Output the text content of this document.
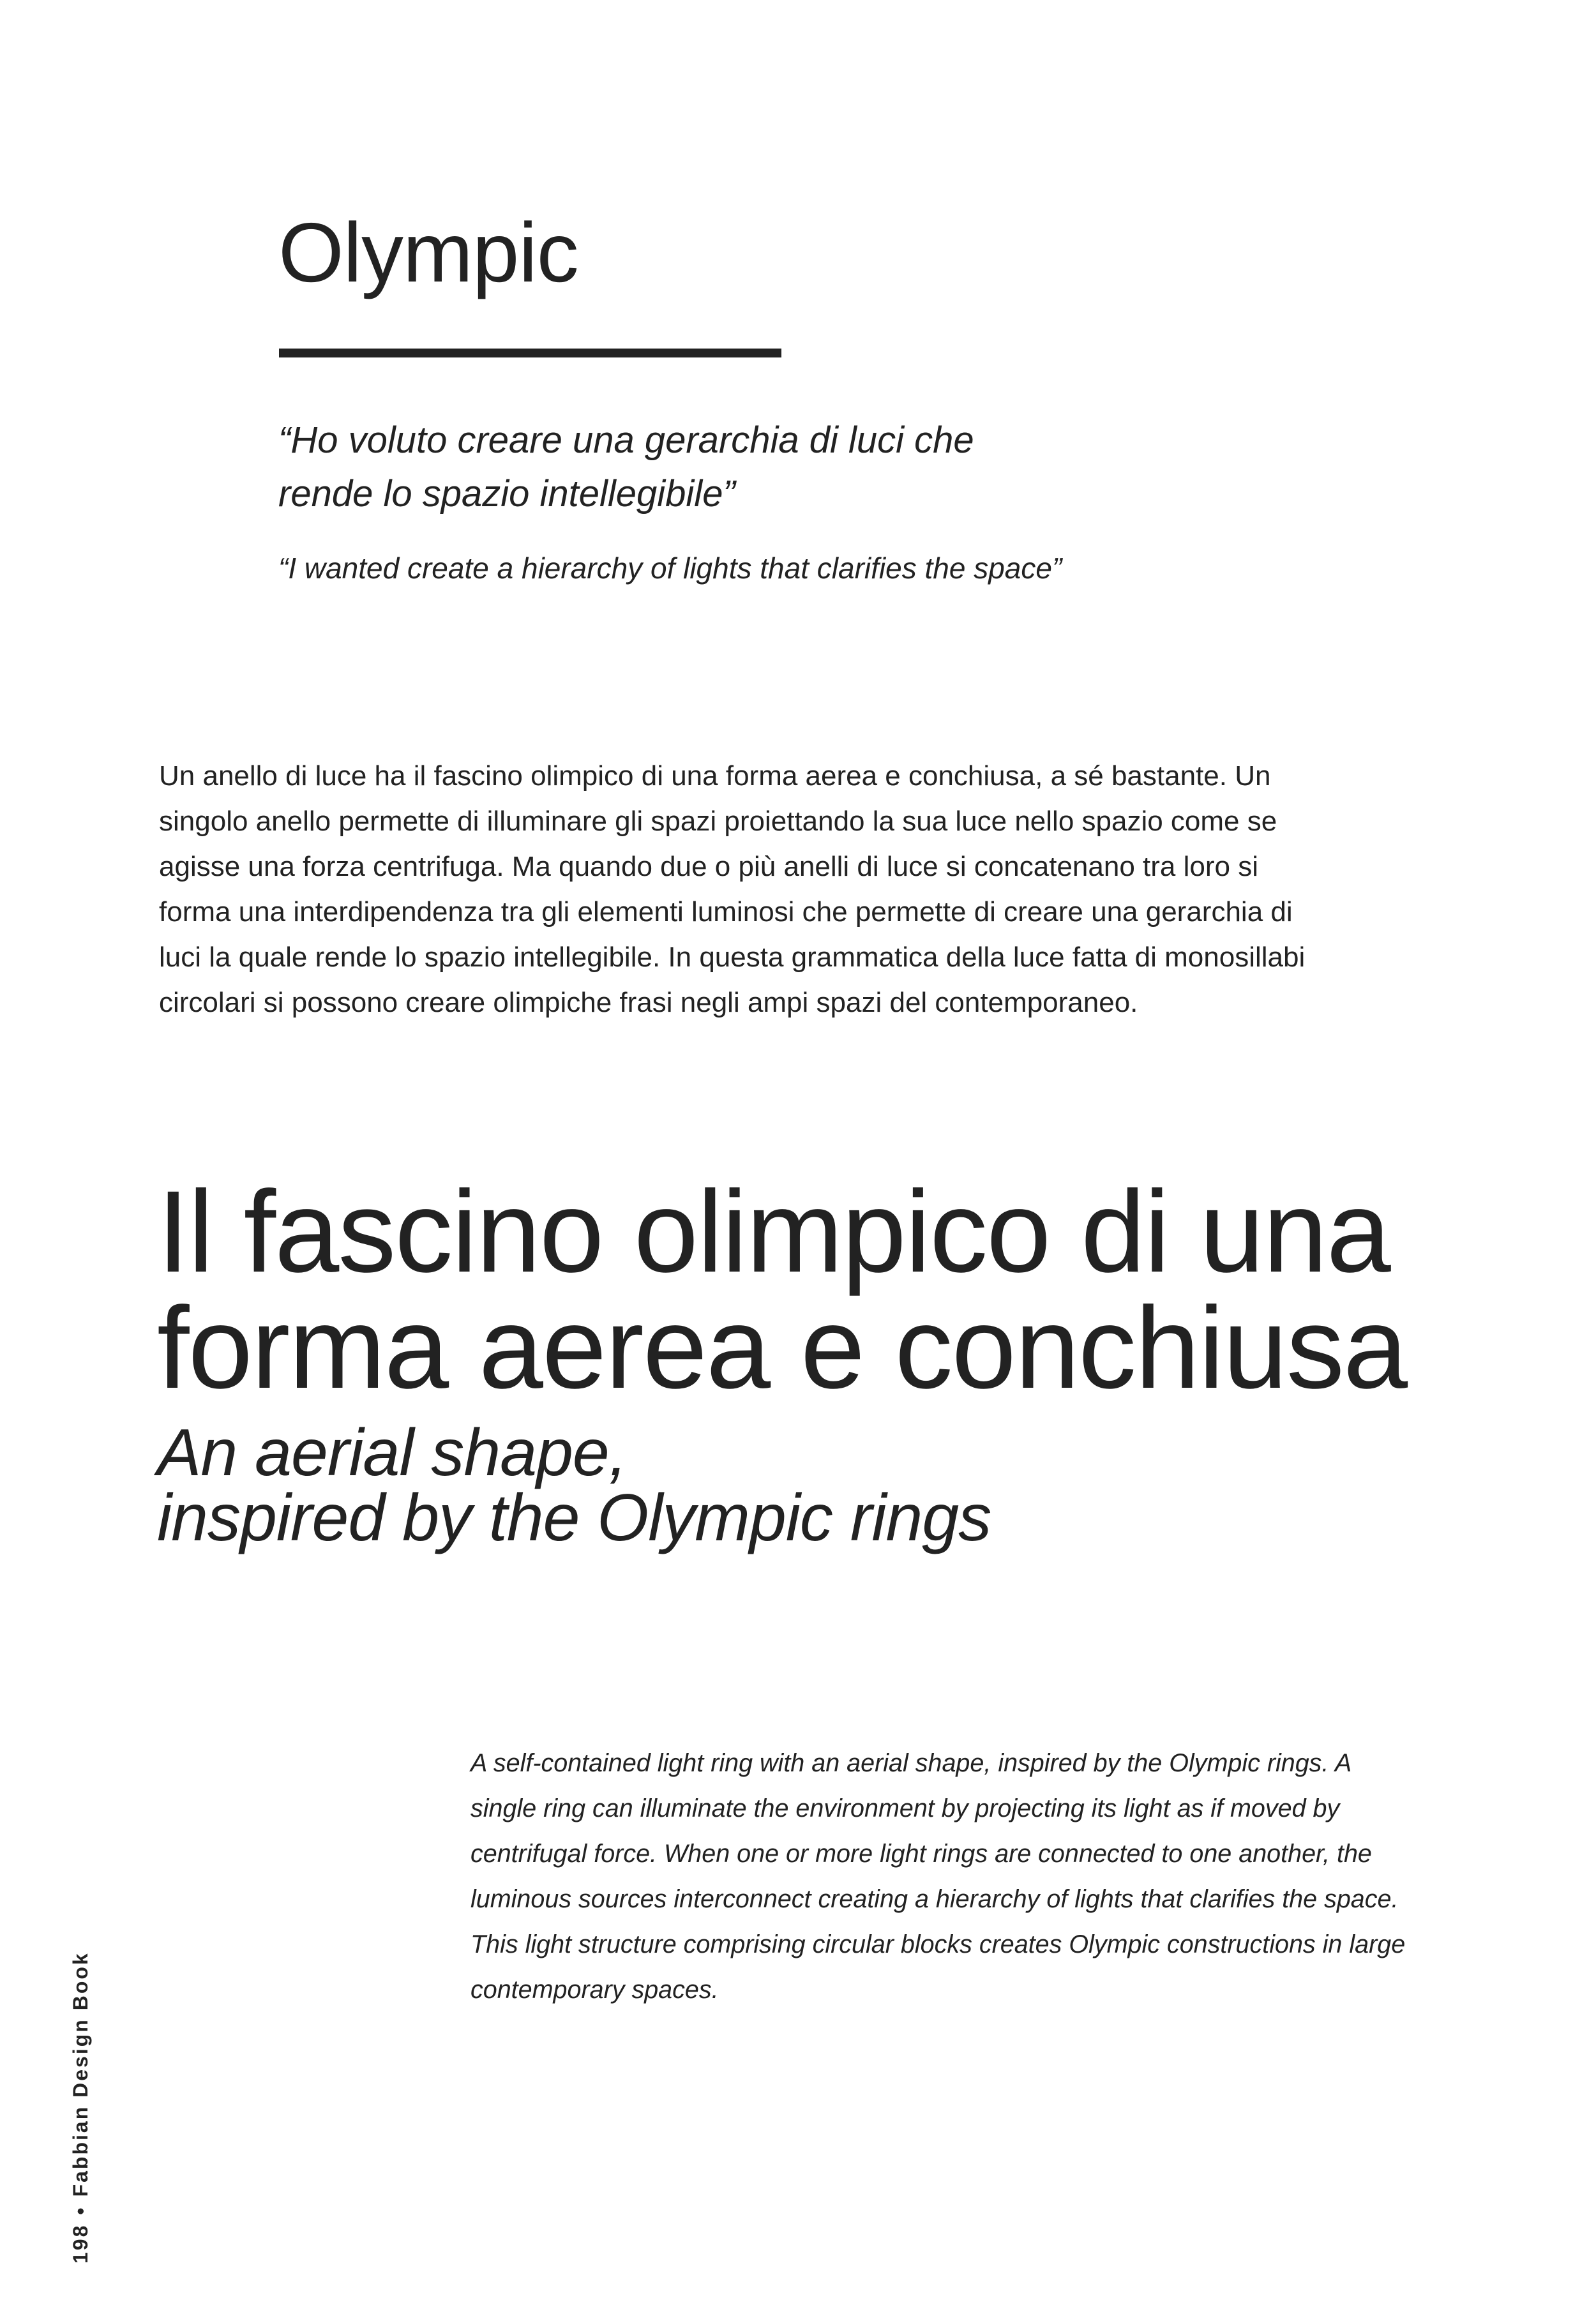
Olympic
“Ho voluto creare una gerarchia di luci che
rende lo spazio intellegibile”
“I wanted create a hierarchy of lights that clarifies the space”
Un anello di luce ha il fascino olimpico di una forma aerea e conchiusa, a sé bastante. Un
singolo anello permette di illuminare gli spazi proiettando la sua luce nello spazio come se
agisse una forza centrifuga. Ma quando due o più anelli di luce si concatenano tra loro si
forma una interdipendenza tra gli elementi luminosi che permette di creare una gerarchia di
luci la quale rende lo spazio intellegibile. In questa grammatica della luce fatta di monosillabi
circolari si possono creare olimpiche frasi negli ampi spazi del contemporaneo.
Il fascino olimpico di una
forma aerea e conchiusa
An aerial shape,
inspired by the Olympic rings
A self-contained light ring with an aerial shape, inspired by the Olympic rings. A
single ring can illuminate the environment by projecting its light as if moved by
centrifugal force. When one or more light rings are connected to one another, the
luminous sources interconnect creating a hierarchy of lights that clarifies the space.
This light structure comprising circular blocks creates Olympic constructions in large
contemporary spaces.
198•Fabbian Design Book
